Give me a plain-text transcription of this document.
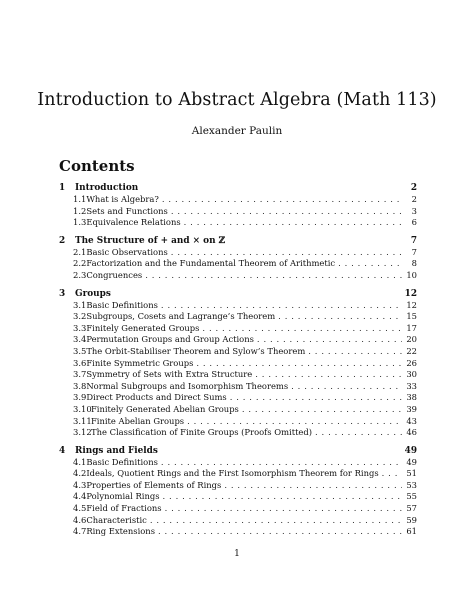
Introduction to Abstract Algebra (Math 113)
Alexander Paulin
Contents
1	Introduction	2
1.1 What is Algebra? . . .	2
1.2 Sets and Functions . . .	3
1.3 Equivalence Relations . . .	6
2	The Structure of + and × on ℤ	7
2.1 Basic Observations . . .	7
2.2 Factorization and the Fundamental Theorem of Arithmetic . . .	8
2.3 Congruences . . .	10
3	Groups	12
3.1 Basic Definitions . . .	12
3.2 Subgroups, Cosets and Lagrange’s Theorem . . .	15
3.3 Finitely Generated Groups . . .	17
3.4 Permutation Groups and Group Actions . . .	20
3.5 The Orbit-Stabiliser Theorem and Sylow’s Theorem . . .	22
3.6 Finite Symmetric Groups . . .	26
3.7 Symmetry of Sets with Extra Structure . . .	30
3.8 Normal Subgroups and Isomorphism Theorems . . .	33
3.9 Direct Products and Direct Sums . . .	38
3.10 Finitely Generated Abelian Groups . . .	39
3.11 Finite Abelian Groups . . .	43
3.12 The Classification of Finite Groups (Proofs Omitted) . . .	46
4	Rings and Fields	49
4.1 Basic Definitions . . .	49
4.2 Ideals, Quotient Rings and the First Isomorphism Theorem for Rings . . .	51
4.3 Properties of Elements of Rings . . .	53
4.4 Polynomial Rings . . .	55
4.5 Field of Fractions . . .	57
4.6 Characteristic . . .	59
4.7 Ring Extensions . . .	61
1
